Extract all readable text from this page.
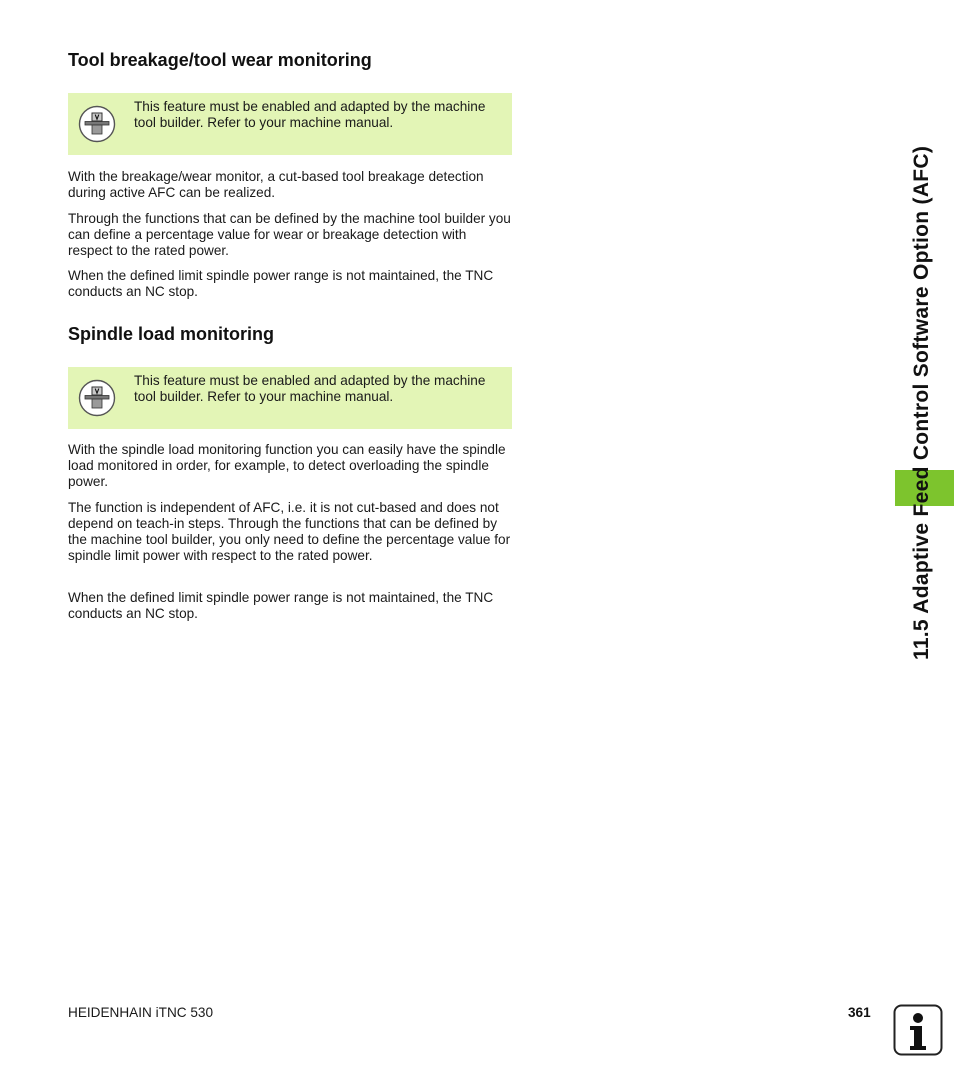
Tool breakage/tool wear monitoring
This feature must be enabled and adapted by the machine tool builder. Refer to your machine manual.

With the breakage/wear monitor, a cut-based tool breakage detection during active AFC can be realized.

Through the functions that can be defined by the machine tool builder you can define a percentage value for wear or breakage detection with respect to the rated power.

When the defined limit spindle power range is not maintained, the TNC conducts an NC stop.

Spindle load monitoring
This feature must be enabled and adapted by the machine tool builder. Refer to your machine manual.

With the spindle load monitoring function you can easily have the spindle load monitored in order, for example, to detect overloading the spindle power.

The function is independent of AFC, i.e. it is not cut-based and does not depend on teach-in steps. Through the functions that can be defined by the machine tool builder, you only need to define the percentage value for spindle limit power with respect to the rated power.

When the defined limit spindle power range is not maintained, the TNC conducts an NC stop.	11.5 Adaptive Feed Control Software Option (AFC)
HEIDENHAIN iTNC 530	361
